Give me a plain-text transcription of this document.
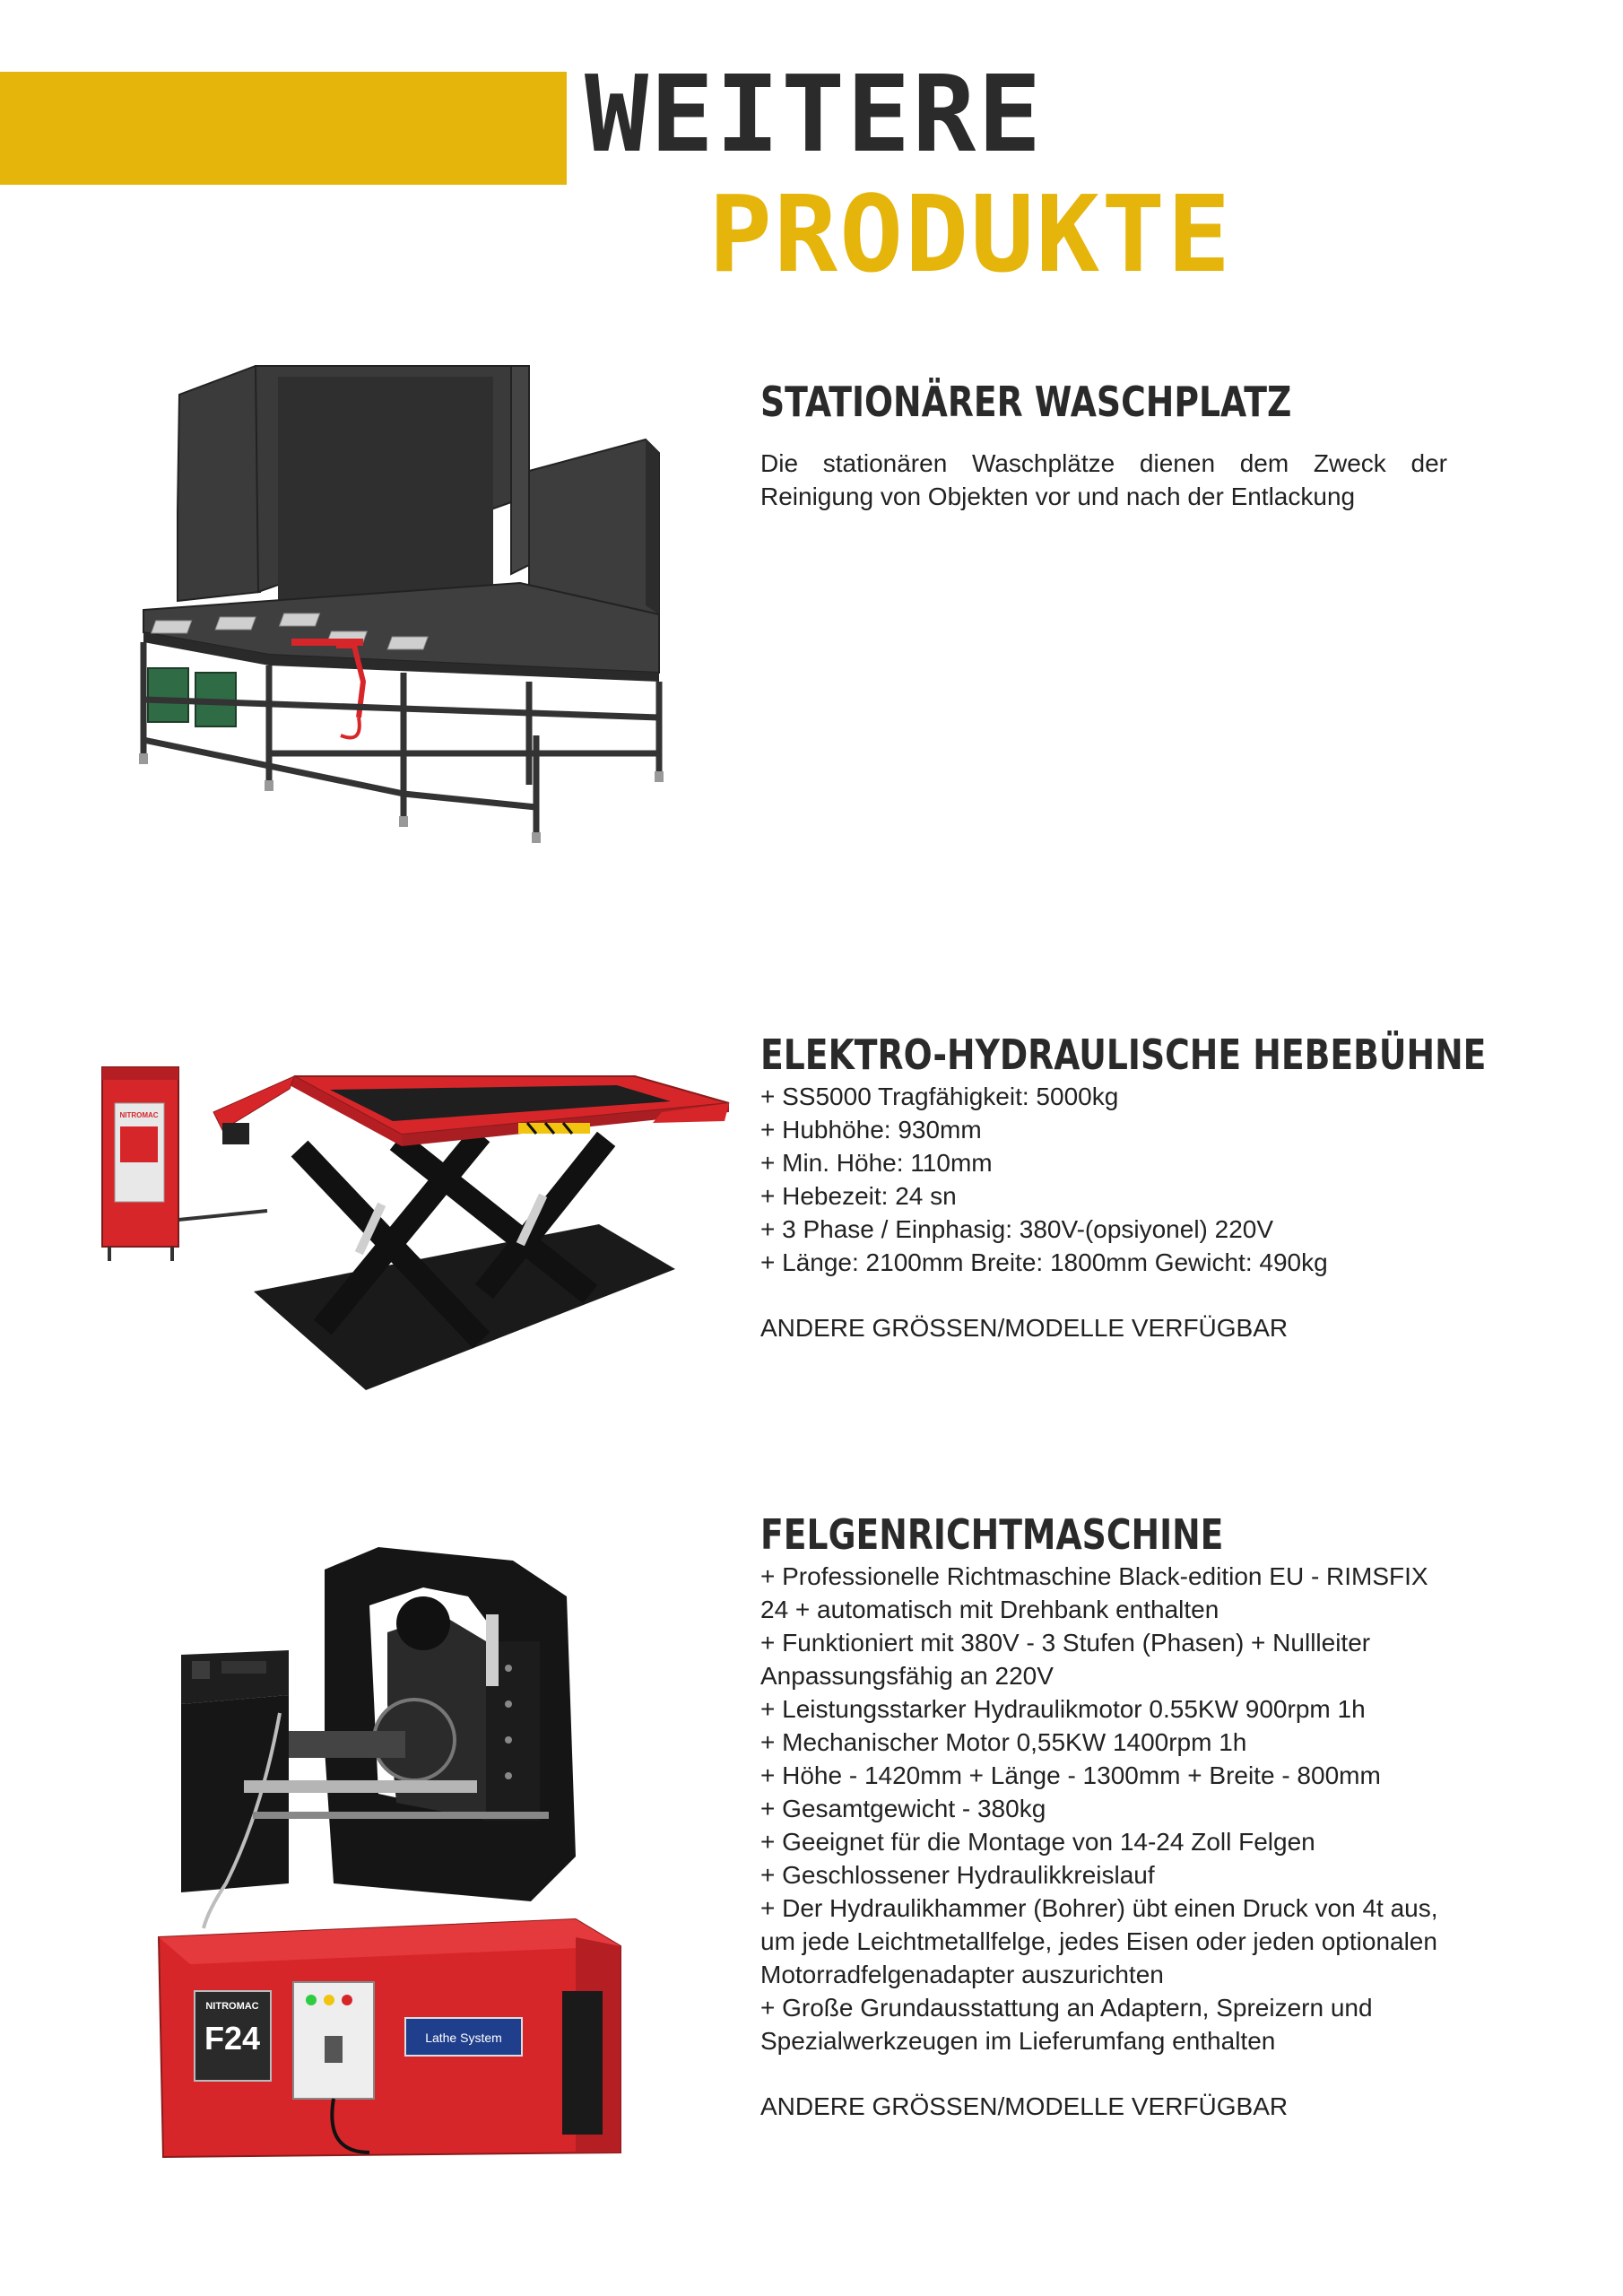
WEITERE
PRODUKTE
STATIONÄRER WASCHPLATZ
Die stationären Waschplätze dienen dem Zweck der Reinigung von Objekten vor und nach der Entlackung
NITROMAC
ELEKTRO-HYDRAULISCHE HEBEBÜHNE
+ SS5000 Tragfähigkeit: 5000kg
+ Hubhöhe: 930mm
+ Min. Höhe: 110mm
+ Hebezeit: 24 sn
+ 3 Phase / Einphasig: 380V-(opsiyonel) 220V
+ Länge: 2100mm Breite: 1800mm Gewicht: 490kg
ANDERE GRÖSSEN/MODELLE VERFÜGBAR
NITROMAC
F24	Lathe System
FELGENRICHTMASCHINE
+ Professionelle Richtmaschine Black-edition EU - RIMSFIX 24 + automatisch mit Drehbank enthalten
+ Funktioniert mit 380V - 3 Stufen (Phasen) + Nullleiter Anpassungsfähig an 220V
+ Leistungsstarker Hydraulikmotor 0.55KW 900rpm 1h
+ Mechanischer Motor 0,55KW 1400rpm 1h
+ Höhe - 1420mm + Länge - 1300mm + Breite - 800mm
+ Gesamtgewicht - 380kg
+ Geeignet für die Montage von 14-24 Zoll Felgen
+ Geschlossener Hydraulikkreislauf
+ Der Hydraulikhammer (Bohrer) übt einen Druck von 4t aus, um jede Leichtmetallfelge, jedes Eisen oder jeden optionalen Motorradfelgenadapter auszurichten
+ Große Grundausstattung an Adaptern, Spreizern und Spezialwerkzeugen im Lieferumfang enthalten
ANDERE GRÖSSEN/MODELLE VERFÜGBAR
